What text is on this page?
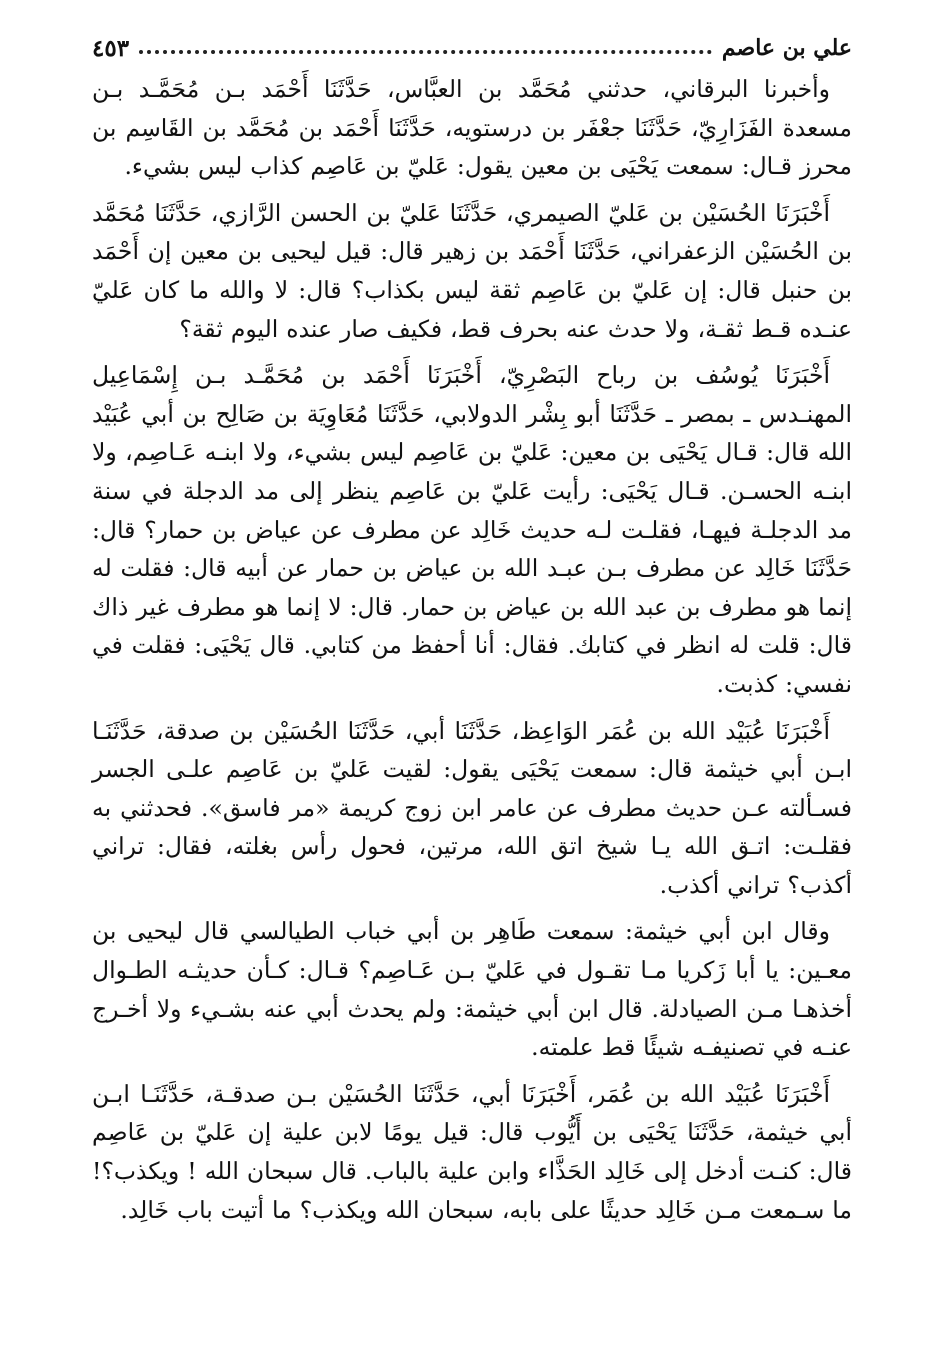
علي بن عاصم
٤٥٣

وأخبرنا البرقاني، حدثني مُحَمَّد بن العبَّاس، حَدَّثَنَا أَحْمَد بـن مُحَمَّـد بـن مسعدة الفَزَارِيّ، حَدَّثَنَا جعْفَر بن درستويه، حَدَّثَنَا أَحْمَد بن مُحَمَّد بن القَاسِم بن محرز قـال: سمعت يَحْيَى بن معين يقول: عَليّ بن عَاصِم كذاب ليس بشيء.

أَخْبَرَنَا الحُسَيْن بن عَليّ الصيمري، حَدَّثَنَا عَليّ بن الحسن الرَّازي، حَدَّثَنَا مُحَمَّد بن الحُسَيْن الزعفراني، حَدَّثَنَا أَحْمَد بن زهير قال: قيل ليحيى بن معين إن أَحْمَد بن حنبل قال: إن عَليّ بن عَاصِم ثقة ليس بكذاب؟ قال: لا والله ما كان عَليّ عنـده قـط ثقـة، ولا حدث عنه بحرف قط، فكيف صار عنده اليوم ثقة؟

أَخْبَرَنَا يُوسُف بن رباح البَصْرِيّ، أَخْبَرَنَا أَحْمَد بن مُحَمَّـد بـن إِسْمَاعِيل المهنـدس ـ بمصر ـ حَدَّثَنَا أبو بِشْر الدولابي، حَدَّثَنَا مُعَاوِيَة بن صَالِح بن أبي عُبَيْد الله قال: قـال يَحْيَى بن معين: عَليّ بن عَاصِم ليس بشيء، ولا ابنـه عَـاصِم، ولا ابنـه الحسـن. قـال يَحْيَى: رأيت عَليّ بن عَاصِم ينظر إلى مد الدجلة في سنة مد الدجلـة فيهـا، فقلـت لـه حديث خَالِد عن مطرف عن عياض بن حمار؟ قال: حَدَّثَنَا خَالِد عن مطرف بـن عبـد الله بن عياض بن حمار عن أبيه قال: فقلت له إنما هو مطرف بن عبد الله بن عياض بن حمار. قال: لا إنما هو مطرف غير ذاك قال: قلت له انظر في كتابك. فقال: أنا أحفظ من كتابي. قال يَحْيَى: فقلت في نفسي: كذبت.

أَخْبَرَنَا عُبَيْد الله بن عُمَر الوَاعِظ، حَدَّثَنَا أبي، حَدَّثَنَا الحُسَيْن بن صدقة، حَدَّثَنَـا ابـن أبي خيثمة قال: سمعت يَحْيَى يقول: لقيت عَليّ بن عَاصِم علـى الجسر فسـألته عـن حديث مطرف عن عامر ابن زوج كريمة «مر فاسق». فحدثني به فقلـت: اتـق الله يـا شيخ اتق الله، مرتين، فحول رأس بغلته، فقال: تراني أكذب؟ تراني أكذب.

وقال ابن أبي خيثمة: سمعت طَاهِر بن أبي خباب الطيالسي قال ليحيى بن معـين: يا أبا زَكريا مـا تقـول في عَليّ بـن عَـاصِم؟ قـال: كـأن حديثـه الطـوال أخذهـا مـن الصيادلة. قال ابن أبي خيثمة: ولم يحدث أبي عنه بشـيء ولا أخـرج عنـه في تصنيفـه شيئًا قط علمته.

أَخْبَرَنَا عُبَيْد الله بن عُمَر، أَخْبَرَنَا أبي، حَدَّثَنَا الحُسَيْن بـن صدقـة، حَدَّثَنَـا ابـن أبي خيثمة، حَدَّثَنَا يَحْيَى بن أَيُّوب قال: قيل يومًا لابن علية إن عَليّ بن عَاصِم قال: كنـت أدخل إلى خَالِد الحَذَّاء وابن علية بالباب. قال سبحان الله ! ويكذب؟! ما سـمعت مـن خَالِد حديثًا على بابه، سبحان الله ويكذب؟ ما أتيت باب خَالِد.
